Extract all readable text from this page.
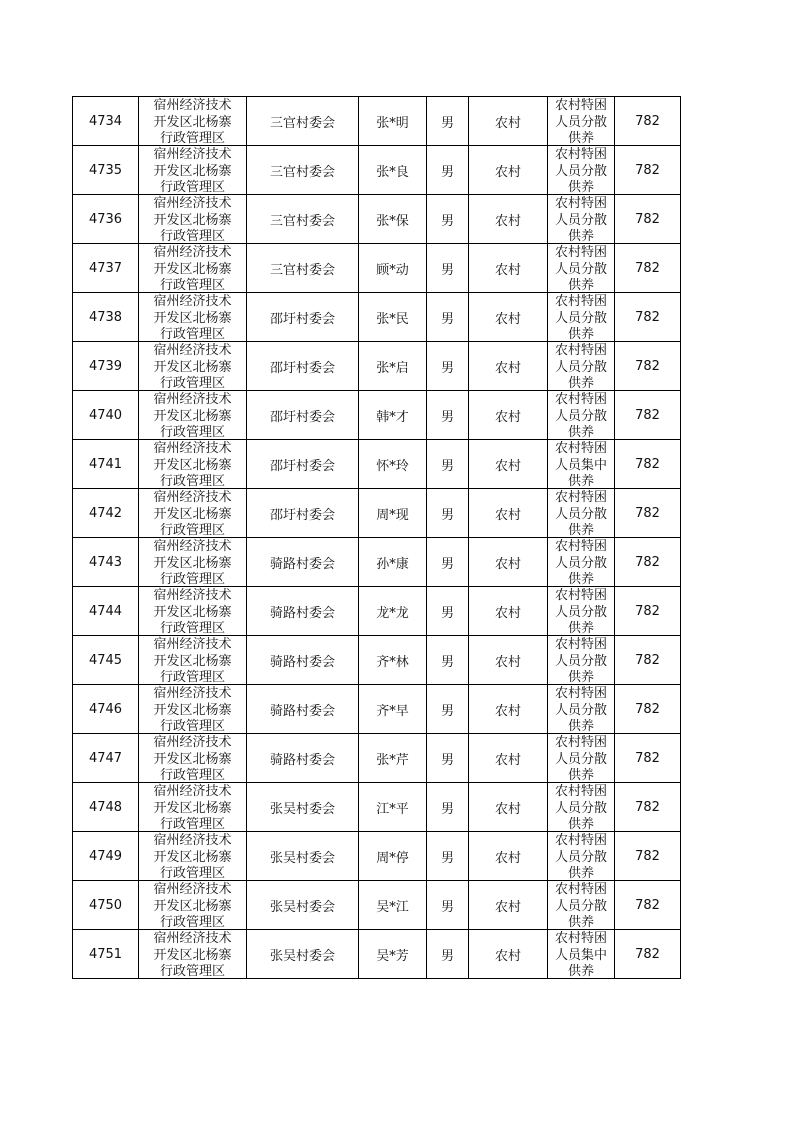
4734	宿州经济技术
开发区北杨寨
行政管理区	三官村委会	张*明	男	农村	农村特困
人员分散
供养	782
4735	宿州经济技术
开发区北杨寨
行政管理区	三官村委会	张*良	男	农村	农村特困
人员分散
供养	782
4736	宿州经济技术
开发区北杨寨
行政管理区	三官村委会	张*保	男	农村	农村特困
人员分散
供养	782
4737	宿州经济技术
开发区北杨寨
行政管理区	三官村委会	顾*动	男	农村	农村特困
人员分散
供养	782
4738	宿州经济技术
开发区北杨寨
行政管理区	邵圩村委会	张*民	男	农村	农村特困
人员分散
供养	782
4739	宿州经济技术
开发区北杨寨
行政管理区	邵圩村委会	张*启	男	农村	农村特困
人员分散
供养	782
4740	宿州经济技术
开发区北杨寨
行政管理区	邵圩村委会	韩*才	男	农村	农村特困
人员分散
供养	782
4741	宿州经济技术
开发区北杨寨
行政管理区	邵圩村委会	怀*玲	男	农村	农村特困
人员集中
供养	782
4742	宿州经济技术
开发区北杨寨
行政管理区	邵圩村委会	周*现	男	农村	农村特困
人员分散
供养	782
4743	宿州经济技术
开发区北杨寨
行政管理区	骑路村委会	孙*康	男	农村	农村特困
人员分散
供养	782
4744	宿州经济技术
开发区北杨寨
行政管理区	骑路村委会	龙*龙	男	农村	农村特困
人员分散
供养	782
4745	宿州经济技术
开发区北杨寨
行政管理区	骑路村委会	齐*林	男	农村	农村特困
人员分散
供养	782
4746	宿州经济技术
开发区北杨寨
行政管理区	骑路村委会	齐*早	男	农村	农村特困
人员分散
供养	782
4747	宿州经济技术
开发区北杨寨
行政管理区	骑路村委会	张*芹	男	农村	农村特困
人员分散
供养	782
4748	宿州经济技术
开发区北杨寨
行政管理区	张吴村委会	江*平	男	农村	农村特困
人员分散
供养	782
4749	宿州经济技术
开发区北杨寨
行政管理区	张吴村委会	周*停	男	农村	农村特困
人员分散
供养	782
4750	宿州经济技术
开发区北杨寨
行政管理区	张吴村委会	吴*江	男	农村	农村特困
人员分散
供养	782
4751	宿州经济技术
开发区北杨寨
行政管理区	张吴村委会	吴*芳	男	农村	农村特困
人员集中
供养	782
